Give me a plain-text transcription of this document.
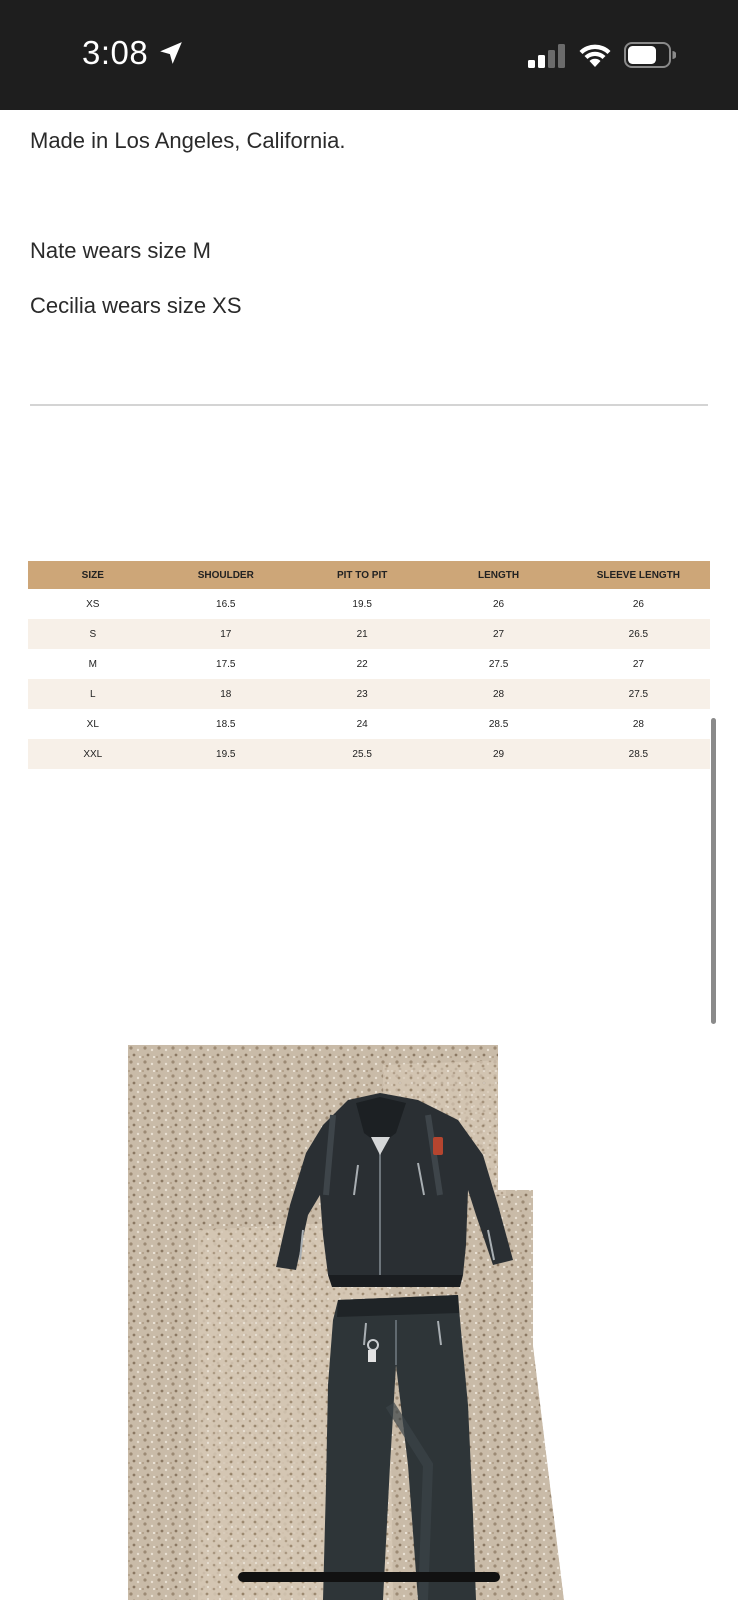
3:08
Made in Los Angeles, California.
Nate wears size M
Cecilia wears size XS
SIZE	SHOULDER	PIT TO PIT	LENGTH	SLEEVE LENGTH
XS	16.5	19.5	26	26
S	17	21	27	26.5
M	17.5	22	27.5	27
L	18	23	28	27.5
XL	18.5	24	28.5	28
XXL	19.5	25.5	29	28.5
